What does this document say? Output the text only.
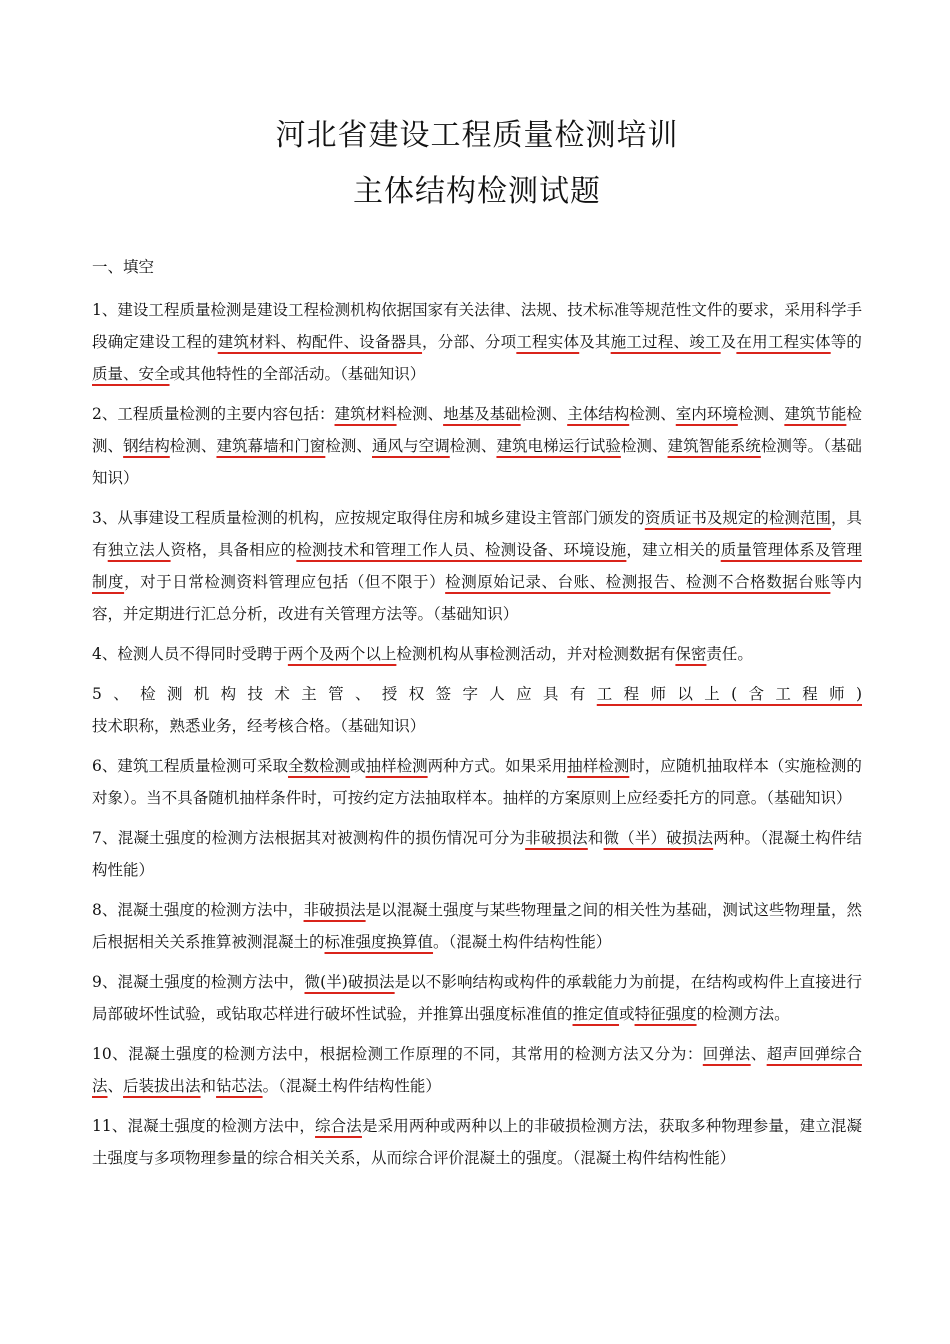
河北省建设工程质量检测培训
主体结构检测试题
一、填空

1、建设工程质量检测是建设工程检测机构依据国家有关法律、法规、技术标准等规范性文件的要求，采用科学手段确定建设工程的建筑材料、构配件、设备器具，分部、分项工程实体及其施工过程、竣工及在用工程实体等的质量、安全或其他特性的全部活动。（基础知识）

2、工程质量检测的主要内容包括：建筑材料检测、地基及基础检测、主体结构检测、室内环境检测、建筑节能检测、钢结构检测、建筑幕墙和门窗检测、通风与空调检测、建筑电梯运行试验检测、建筑智能系统检测等。（基础知识）

3、从事建设工程质量检测的机构，应按规定取得住房和城乡建设主管部门颁发的资质证书及规定的检测范围，具有独立法人资格，具备相应的检测技术和管理工作人员、检测设备、环境设施，建立相关的质量管理体系及管理制度，对于日常检测资料管理应包括（但不限于）检测原始记录、台账、检测报告、检测不合格数据台账等内容，并定期进行汇总分析，改进有关管理方法等。（基础知识）

4、检测人员不得同时受聘于两个及两个以上检测机构从事检测活动，并对检测数据有保密责任。

5、检测机构技术主管、授权签字人应具有工程师以上(含工程师)技术职称，熟悉业务，经考核合格。（基础知识）

6、建筑工程质量检测可采取全数检测或抽样检测两种方式。如果采用抽样检测时，应随机抽取样本（实施检测的对象）。当不具备随机抽样条件时，可按约定方法抽取样本。抽样的方案原则上应经委托方的同意。（基础知识）

7、混凝土强度的检测方法根据其对被测构件的损伤情况可分为非破损法和微（半）破损法两种。（混凝土构件结构性能）

8、混凝土强度的检测方法中，非破损法是以混凝土强度与某些物理量之间的相关性为基础，测试这些物理量，然后根据相关关系推算被测混凝土的标准强度换算值。（混凝土构件结构性能）

9、混凝土强度的检测方法中，微(半)破损法是以不影响结构或构件的承载能力为前提，在结构或构件上直接进行局部破坏性试验，或钻取芯样进行破坏性试验，并推算出强度标准值的推定值或特征强度的检测方法。

10、混凝土强度的检测方法中，根据检测工作原理的不同，其常用的检测方法又分为：回弹法、超声回弹综合法、后装拔出法和钻芯法。（混凝土构件结构性能）

11、混凝土强度的检测方法中，综合法是采用两种或两种以上的非破损检测方法，获取多种物理参量，建立混凝土强度与多项物理参量的综合相关关系，从而综合评价混凝土的强度。（混凝土构件结构性能）
